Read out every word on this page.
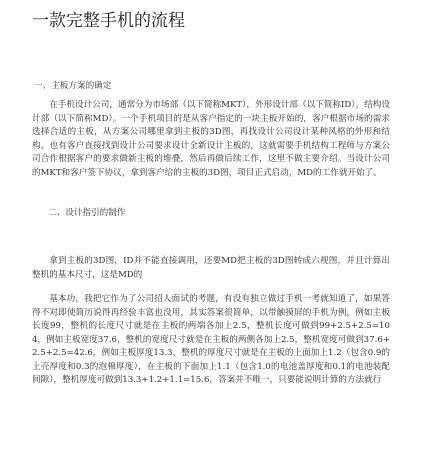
一款完整手机的流程
一、主板方案的确定

在手机设计公司，通常分为市场部（以下简称MKT），外形设计部（以下简称ID），结构设计部（以下简称MD）。一个手机项目的是从客户指定的一块主板开始的，客户根据市场的需求选择合适的主板，从方案公司哪里拿到主板的3D图，再找设计公司设计某种风格的外形和结构。也有客户直接找到设计公司要求设计全新设计主板的，这就需要手机结构工程师与方案公司合作根据客户的要求做新主板的堆叠，然后再做后续工作，这里不做主要介绍。当设计公司的MKT和客户签下协议，拿到客户给的主板的3D图，项目正式启动，MD的工作就开始了。

二、设计指引的制作

拿到主板的3D图，ID并不能直接调用，还要MD把主板的3D图转成六视图，并且计算出整机的基本尺寸，这是MD的

基本功，我把它作为了公司招人面试的考题，有没有独立做过手机一考就知道了，如果答得不对即使简历说得再经验丰富也没用，其实答案很简单，以带触摸屏的手机为例，例如主板长度99，整机的长度尺寸就是在主板的两端各加上2.5，整机长度可做到99+2.5+2.5=104，例如主板宽度37.6，整机的宽度尺寸就是在主板的两侧各加上2.5，整机宽度可做到37.6+2.5+2.5=42.6，例如主板厚度13.3，整机的厚度尺寸就是在主板的上面加上1.2（包含0.9的上壳厚度和0.3的泡棉厚度），在主板的下面加上1.1（包含1.0的电池盖厚度和0.1的电池装配间隙），整机厚度可做到13.3+1.2+1.1=15.6，答案并不唯一，只要能说明计算的方法就行
